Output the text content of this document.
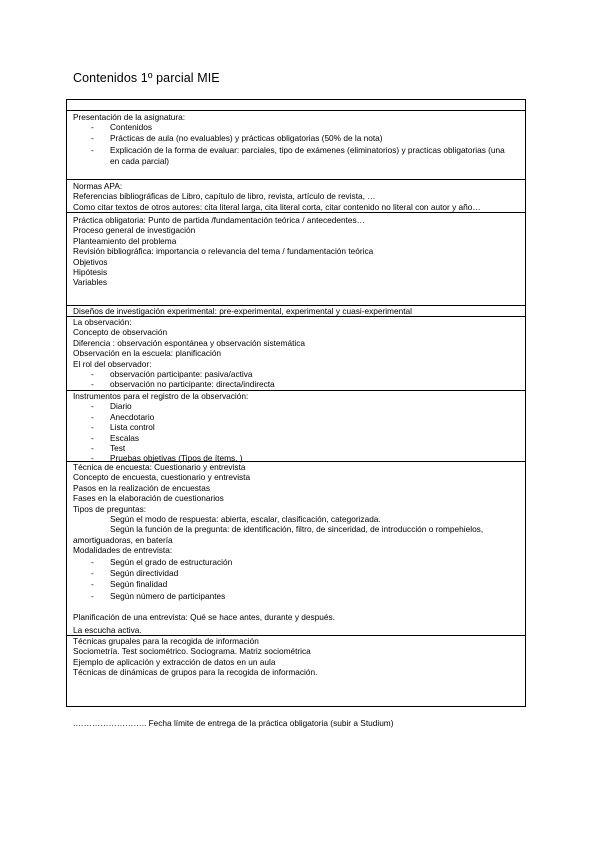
Contenidos 1º parcial MIE
Presentación de la asignatura:
- Contenidos
- Prácticas de aula (no evaluables) y prácticas obligatorias (50% de la nota)
- Explicación de la forma de evaluar: parciales, tipo de exámenes (eliminatorios) y practicas obligatorias (una en cada parcial)
Normas APA:
Referencias bibliográficas de Libro, capítulo de libro, revista, artículo de revista, …
Como citar textos de otros autores: cita literal larga, cita literal corta, citar contenido no literal con autor y año…
Práctica obligatoria: Punto de partida /fundamentación teórica / antecedentes…
Proceso general de investigación
Planteamiento del problema
Revisión bibliográfica: importancia o relevancia del tema / fundamentación teórica
Objetivos
Hipótesis
Variables
Diseños de investigación experimental: pre-experimental, experimental y cuasi-experimental
La observación:
Concepto de observación
Diferencia : observación espontánea y observación sistemática
Observación en la escuela: planificación
El rol del observador:
- observación participante: pasiva/activa
- observación no participante: directa/indirecta
Instrumentos para el registro de la observación:
- Diario
- Anecdotario
- Lista control
- Escalas
- Test
- Pruebas objetivas (Tipos de ítems. )
Técnica de encuesta: Cuestionario y entrevista
Concepto de encuesta, cuestionario y entrevista
Pasos en la realización de encuestas
Fases en la elaboración de cuestionarios
Tipos de preguntas:
Según el modo de respuesta: abierta, escalar, clasificación, categorizada.
Según la función de la pregunta: de identificación, filtro, de sinceridad, de introducción o rompehielos, amortiguadoras, en batería
Modalidades de entrevista:
- Según el grado de estructuración
- Según directividad
- Según finalidad
- Según número de participantes
Planificación de una entrevista: Qué se hace antes, durante y después.
La escucha activa.
Técnicas grupales para la recogida de información
Sociometría. Test sociométrico. Sociograma. Matriz sociométrica
Ejemplo de aplicación y extracción de datos en un aula
Técnicas de dinámicas de grupos para la recogida de información.
.…………………….. Fecha límite de entrega de la práctica obligatoria (subir a Studium)
